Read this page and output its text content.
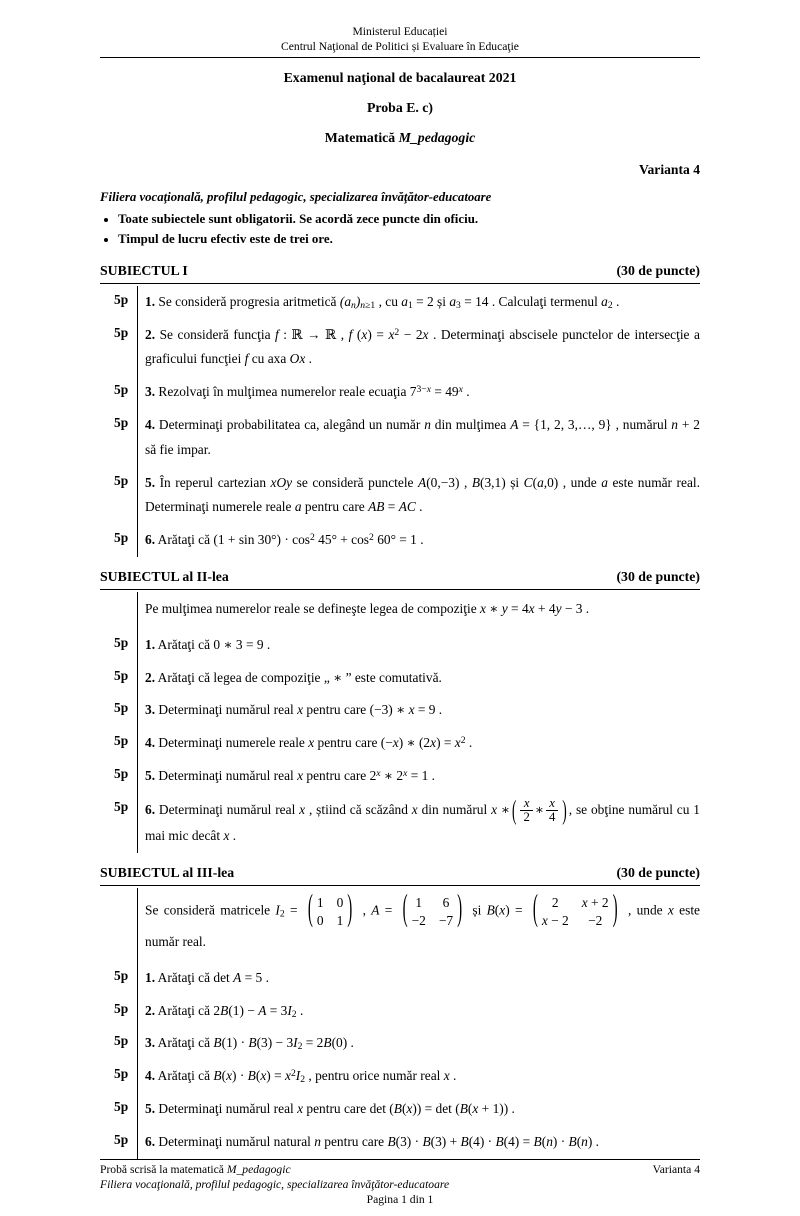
Ministerul Educației
Centrul Naţional de Politici și Evaluare în Educaţie
Examenul naţional de bacalaureat 2021
Proba E. c)
Matematică M_pedagogic
Varianta 4
Filiera vocaţională, profilul pedagogic, specializarea învăţător-educatoare
• Toate subiectele sunt obligatorii. Se acordă zece puncte din oficiu.
• Timpul de lucru efectiv este de trei ore.
SUBIECTUL I	(30 de puncte)
5p	1. Se consideră progresia aritmetică $(a_n)_{n\ge 1}$ , cu $a_1 = 2$ și $a_3 = 14$ . Calculaţi termenul $a_2$ .
5p	2. Se consideră funcţia f : ℝ → ℝ , f $(x) = x^2 - 2x$ . Determinaţi abscisele punctelor de intersecţie a graficului funcţiei f cu axa Ox .
5p	3. Rezolvaţi în mulţimea numerelor reale ecuaţia $7^{3-x} = 49^x$ .
5p	4. Determinaţi probabilitatea ca, alegând un număr n din mulţimea A = {1, 2, 3,…, 9} , numărul n + 2 să fie impar.
5p	5. În reperul cartezian xOy se consideră punctele A(0,−3) , B(3,1) și C(a,0) , unde a este număr real. Determinaţi numerele reale a pentru care AB = AC .
5p	6. Arătaţi că $(1 + \sin 30^\circ) \cdot \cos^2 45^\circ + \cos^2 60^\circ = 1$ .
SUBIECTUL al II-lea	(30 de puncte)
Pe mulţimea numerelor reale se defineşte legea de compoziţie x ∗ y = 4x + 4y − 3 .
5p	1. Arătaţi că 0 ∗ 3 = 9 .
5p	2. Arătaţi că legea de compoziţie „ ∗ ” este comutativă.
5p	3. Determinaţi numărul real x pentru care (−3) ∗ x = 9 .
5p	4. Determinaţi numerele reale x pentru care (−x) ∗ $(2x) = x^2$ .
5p	5. Determinaţi numărul real x pentru care 2$^x$ ∗ $2^x = 1$ .
5p	6. Determinaţi numărul real x , știind că scăzând x din numărul x ∗ ( $\frac{x}{2}$ ∗ $\frac{x}{4}$ ) , se obţine numărul cu 1 mai mic decât x .
SUBIECTUL al III-lea	(30 de puncte)
Se consideră matricele $I_2$ = ( 1 0
0 1 ) , A = ( 1 6
−2 −7 ) și B(x) = (	2	x + 2
x − 2	−2 ) , unde x este număr real.
5p	1. Arătaţi că det A = 5 .
5p	2. Arătaţi că $2B(1) - A = 3I_2$ .
5p	3. Arătaţi că $B(1) \cdot B(3) - 3I_2 = 2B(0)$ .
5p	4. Arătaţi că $B(x) \cdot B(x) = x^2I_2$ , pentru orice număr real x .
5p	5. Determinaţi numărul real x pentru care det (B(x)) = det (B(x + 1)) .
5p	6. Determinaţi numărul natural n pentru care B(3) · B(3) + B(4) · B(4) = B(n) · B(n) .
Probă scrisă la matematică M_pedagogic	Varianta 4
Filiera vocaţională, profilul pedagogic, specializarea învăţător-educatoare
Pagina 1 din 1
